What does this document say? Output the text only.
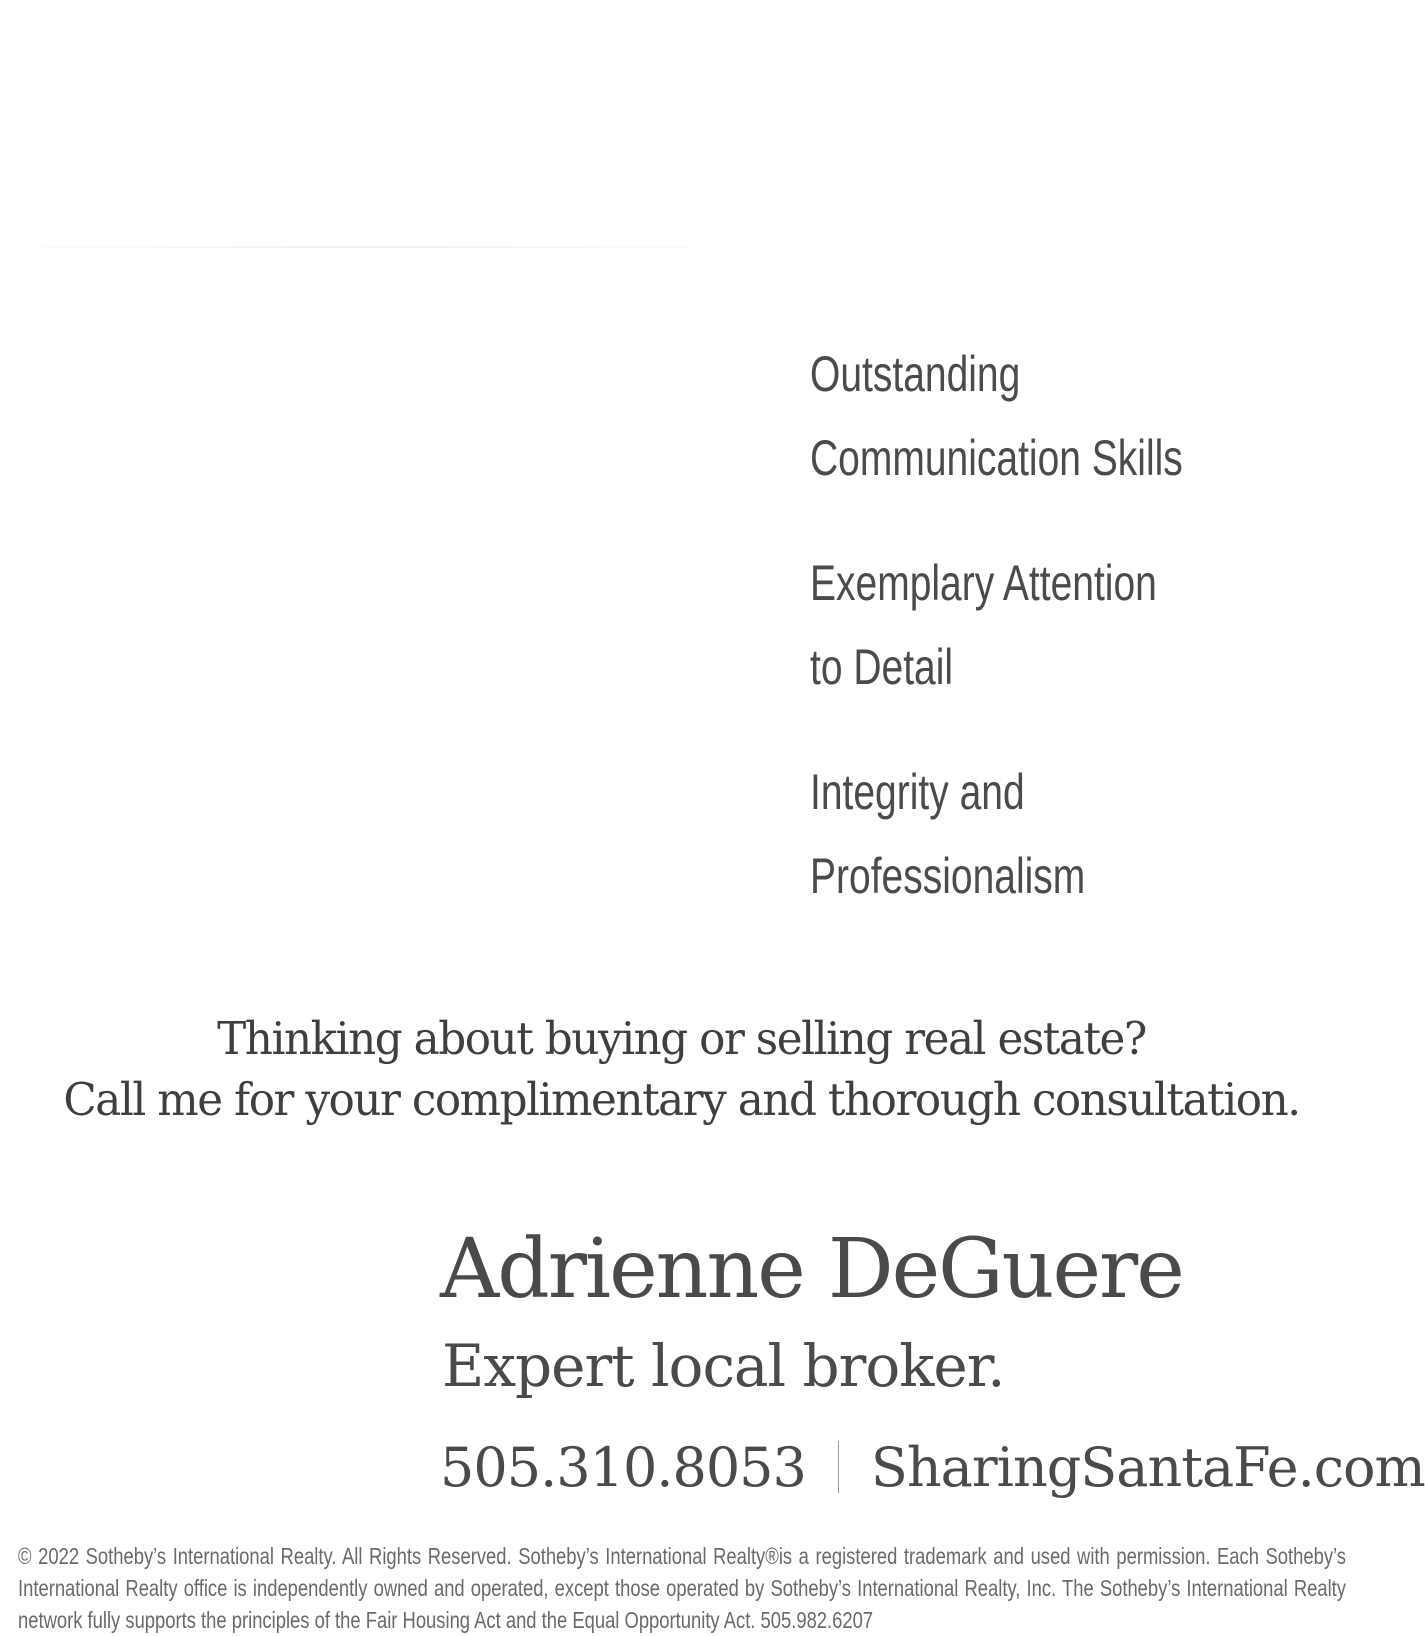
Outstanding
Communication Skills
Exemplary Attention
to Detail
Integrity and
Professionalism
Thinking about buying or selling real estate?
Call me for your complimentary and thorough consultation.
Adrienne DeGuere
Expert local broker.
505.310.8053 SharingSantaFe.com
© 2022 Sotheby’s International Realty. All Rights Reserved. Sotheby’s International Realty®is a registered trademark and used with permission. Each Sotheby’s International Realty office is independently owned and operated, except those operated by Sotheby’s International Realty, Inc. The Sotheby’s International Realty network fully supports the principles of the Fair Housing Act and the Equal Opportunity Act. 505.982.6207
